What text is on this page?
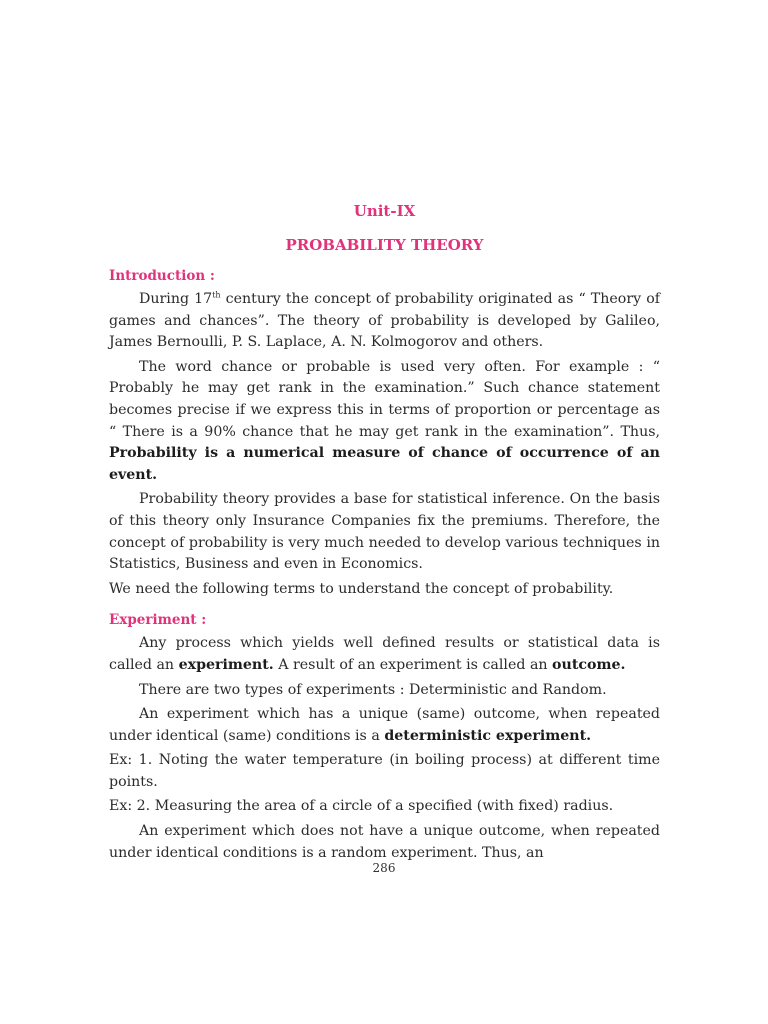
Unit-IX
PROBABILITY THEORY
Introduction :

During 17th century the concept of probability originated as “ Theory of games and chances”. The theory of probability is developed by Galileo, James Bernoulli, P. S. Laplace, A. N. Kolmogorov and others.

The word chance or probable is used very often. For example : “ Probably he may get rank in the examination.” Such chance statement becomes precise if we express this in terms of proportion or percentage as “ There is a 90% chance that he may get rank in the examination”. Thus, Probability is a numerical measure of chance of occurrence of an event.

Probability theory provides a base for statistical inference. On the basis of this theory only Insurance Companies fix the premiums. Therefore, the concept of probability is very much needed to develop various techniques in Statistics, Business and even in Economics.

We need the following terms to understand the concept of probability.

Experiment :

Any process which yields well defined results or statistical data is called an experiment. A result of an experiment is called an outcome.

There are two types of experiments : Deterministic and Random.

An experiment which has a unique (same) outcome, when repeated under identical (same) conditions is a deterministic experiment.

Ex: 1. Noting the water temperature (in boiling process) at different time points.

Ex: 2. Measuring the area of a circle of a specified (with fixed) radius.

An experiment which does not have a unique outcome, when repeated under identical conditions is a random experiment. Thus, an

286
